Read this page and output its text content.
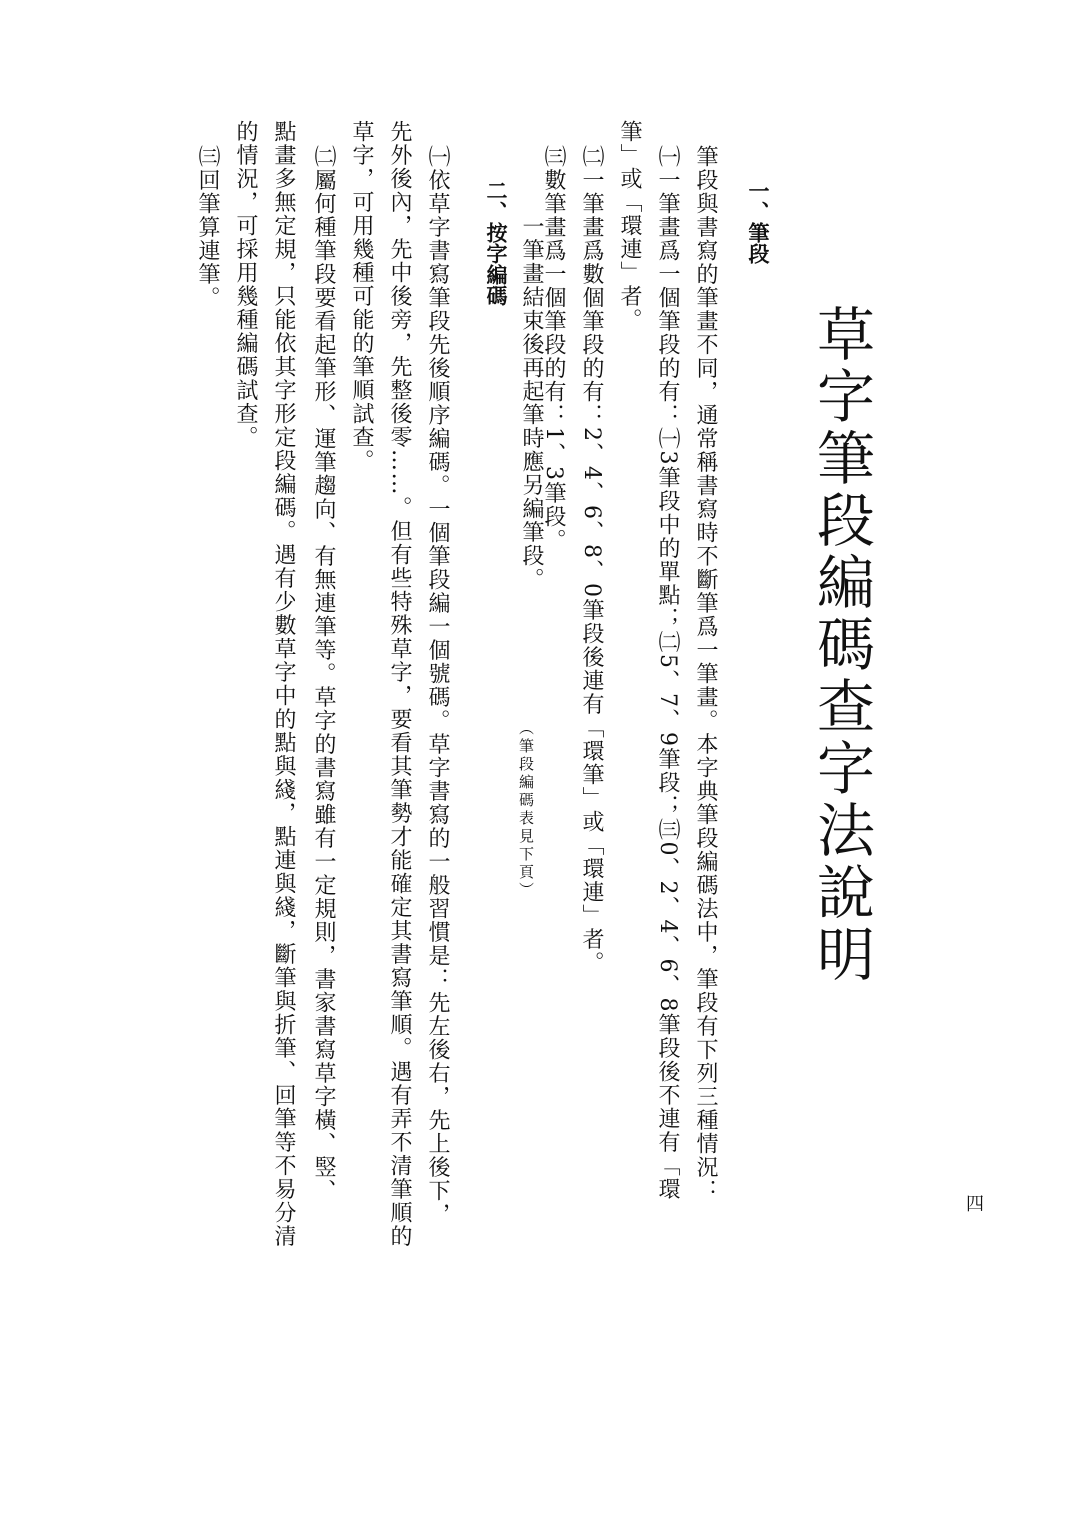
草字筆段編碼查字法說明
四
一、筆段
筆段與書寫的筆畫不同，通常稱書寫時不斷筆爲一筆畫。本字典筆段編碼法中，筆段有下列三種情況：
㈠一筆畫爲一個筆段的有：㈠3筆段中的單點；㈡5、7、9筆段；㈢0、2、4、6、8筆段後不連有「環
筆」或「環連」者。
㈡一筆畫爲數個筆段的有：2、4、6、8、0筆段後連有「環筆」或「環連」者。
㈢數筆畫爲一個筆段的有：1、3筆段。
一筆畫結束後再起筆時應另編筆段。
（筆段編碼表見下頁）
二、按字編碼
㈠依草字書寫筆段先後順序編碼。一個筆段編一個號碼。草字書寫的一般習慣是：先左後右，先上後下，
先外後內，先中後旁，先整後零……。但有些特殊草字，要看其筆勢才能確定其書寫筆順。遇有弄不清筆順的
草字，可用幾種可能的筆順試查。
㈡屬何種筆段要看起筆形、運筆趨向、有無連筆等。草字的書寫雖有一定規則，書家書寫草字橫、竪、
點畫多無定規，只能依其字形定段編碼。遇有少數草字中的點與綫，點連與綫，斷筆與折筆、回筆等不易分清
的情況，可採用幾種編碼試查。
㈢回筆算連筆。
